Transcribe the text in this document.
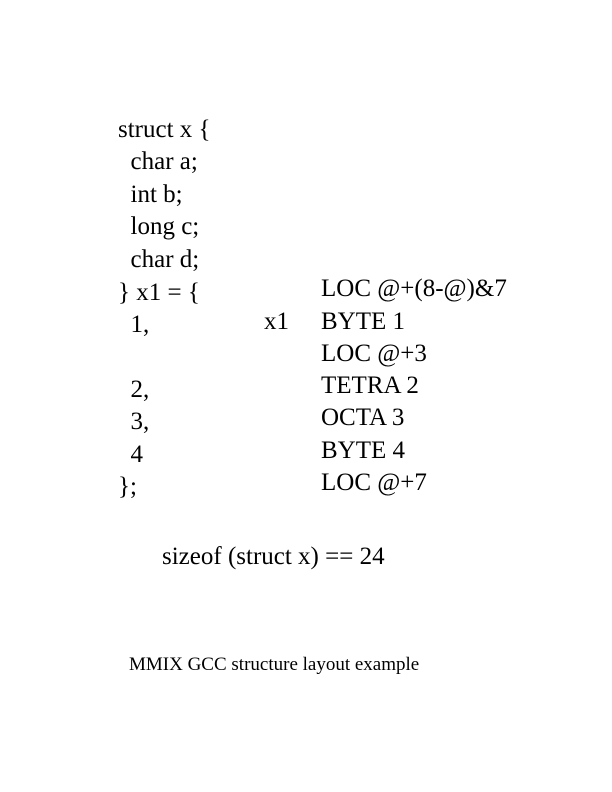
struct x {
char a;
int b;
long c;
char d;
} x1 = {
1,
2,
3,
4
};
x1
LOC @+(8-@)&7
BYTE 1
LOC @+3
TETRA 2
OCTA 3
BYTE 4
LOC @+7
sizeof (struct x) == 24
MMIX GCC structure layout example
